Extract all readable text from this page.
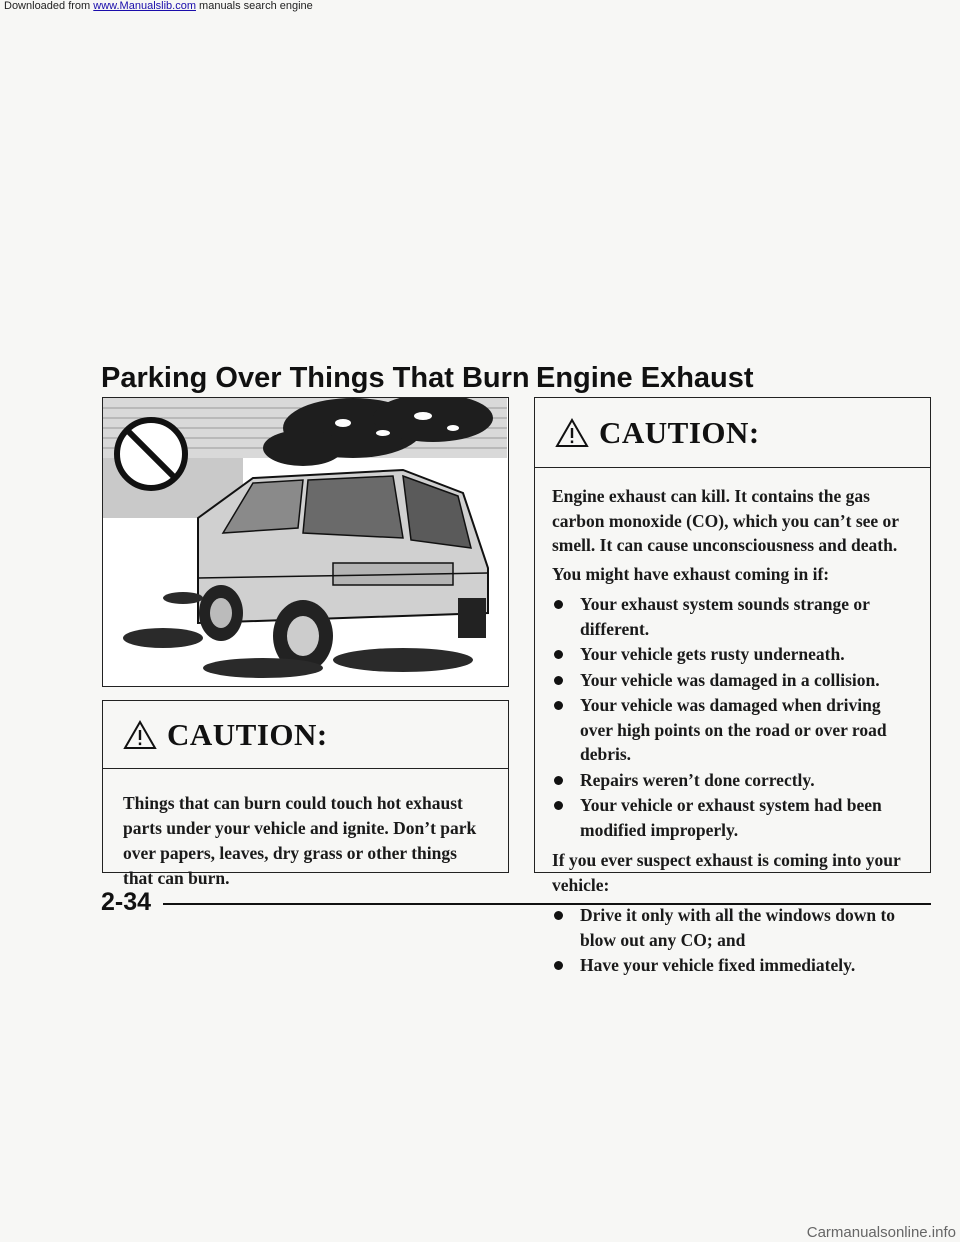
Downloaded from www.Manualslib.com manuals search engine
Parking Over Things That Burn Engine Exhaust
CAUTION:

Things that can burn could touch hot exhaust parts under your vehicle and ignite. Don’t park over papers, leaves, dry grass or other things that can burn.

CAUTION:

Engine exhaust can kill. It contains the gas carbon monoxide (CO), which you can’t see or smell. It can cause unconsciousness and death.

You might have exhaust coming in if:

Your exhaust system sounds strange or different.
Your vehicle gets rusty underneath.
Your vehicle was damaged in a collision.
Your vehicle was damaged when driving over high points on the road or over road debris.
Repairs weren’t done correctly.
Your vehicle or exhaust system had been modified improperly.

If you ever suspect exhaust is coming into your vehicle:

Drive it only with all the windows down to blow out any CO; and
Have your vehicle fixed immediately.
2-34
Carmanualsonline.info
